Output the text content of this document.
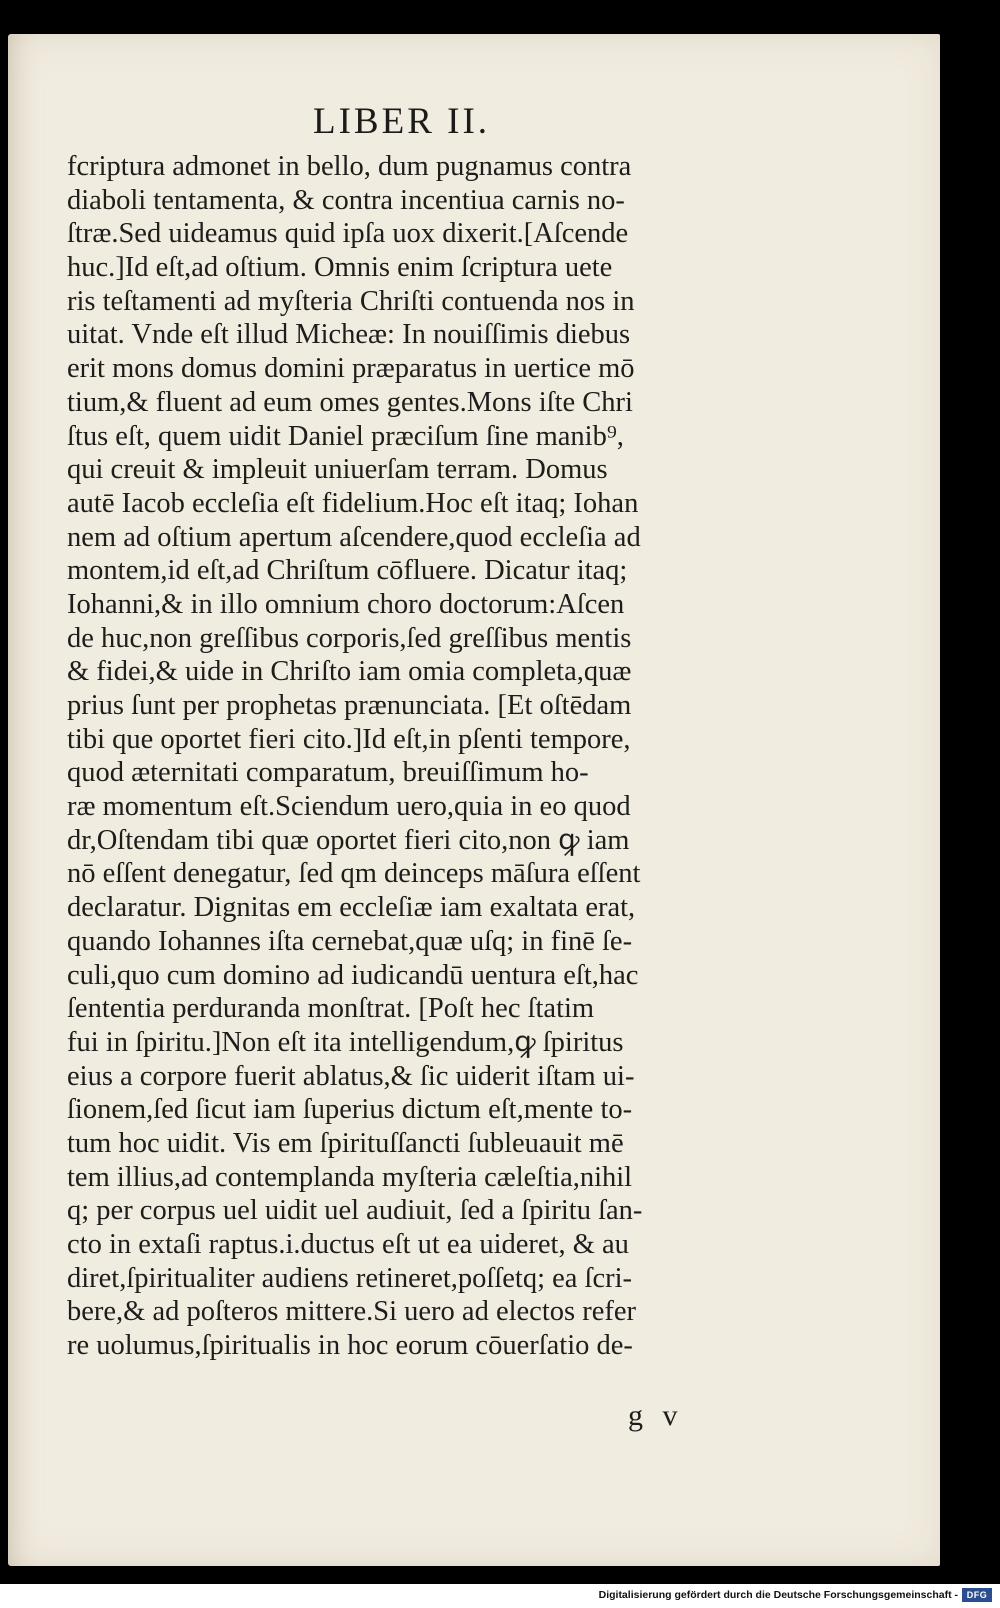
LIBER II.
fcriptura admonet in bello, dum pugnamus contra
diaboli tentamenta, & contra incentiua carnis no-
ſtræ.Sed uideamus quid ipſa uox dixerit.[Aſcende
huc.]Id eſt,ad oſtium. Omnis enim ſcriptura uete
ris teſtamenti ad myſteria Chriſti contuenda nos in
uitat. Vnde eſt illud Micheæ: In nouiſſimis diebus
erit mons domus domini præparatus in uertice mō
tium,& fluent ad eum omes gentes.Mons iſte Chri
ſtus eſt, quem uidit Daniel præciſum ſine manib⁹,
qui creuit & impleuit uniuerſam terram. Domus
autē Iacob eccleſia eſt fidelium.Hoc eſt itaq; Iohan
nem ad oſtium apertum aſcendere,quod eccleſia ad
montem,id eſt,ad Chriſtum cōfluere. Dicatur itaq;
Iohanni,& in illo omnium choro doctorum:Aſcen
de huc,non greſſibus corporis,ſed greſſibus mentis
& fidei,& uide in Chriſto iam omia completa,quæ
prius ſunt per prophetas prænunciata. [Et oſtēdam
tibi que oportet fieri cito.]Id eſt,in pſenti tempore,
quod æternitati comparatum, breuiſſimum ho-
ræ momentum eſt.Sciendum uero,quia in eo quod
dr,Oſtendam tibi quæ oportet fieri cito,non ꝙ iam
nō eſſent denegatur, ſed qm deinceps māſura eſſent
declaratur. Dignitas em eccleſiæ iam exaltata erat,
quando Iohannes iſta cernebat,quæ uſq; in finē ſe-
culi,quo cum domino ad iudicandū uentura eſt,hac
ſententia perduranda monſtrat. [Poſt hec ſtatim
fui in ſpiritu.]Non eſt ita intelligendum,ꝙ ſpiritus
eius a corpore fuerit ablatus,& ſic uiderit iſtam ui-
ſionem,ſed ſicut iam ſuperius dictum eſt,mente to-
tum hoc uidit. Vis em ſpirituſſancti ſubleuauit mē
tem illius,ad contemplanda myſteria cæleſtia,nihil
q; per corpus uel uidit uel audiuit, ſed a ſpiritu ſan-
cto in extaſi raptus.i.ductus eſt ut ea uideret, & au
diret,ſpiritualiter audiens retineret,poſſetq; ea ſcri-
bere,& ad poſteros mittere.Si uero ad electos refer
re uolumus,ſpiritualis in hoc eorum cōuerſatio de-
g v
Digitalisierung gefördert durch die Deutsche Forschungsgemeinschaft - DFG
